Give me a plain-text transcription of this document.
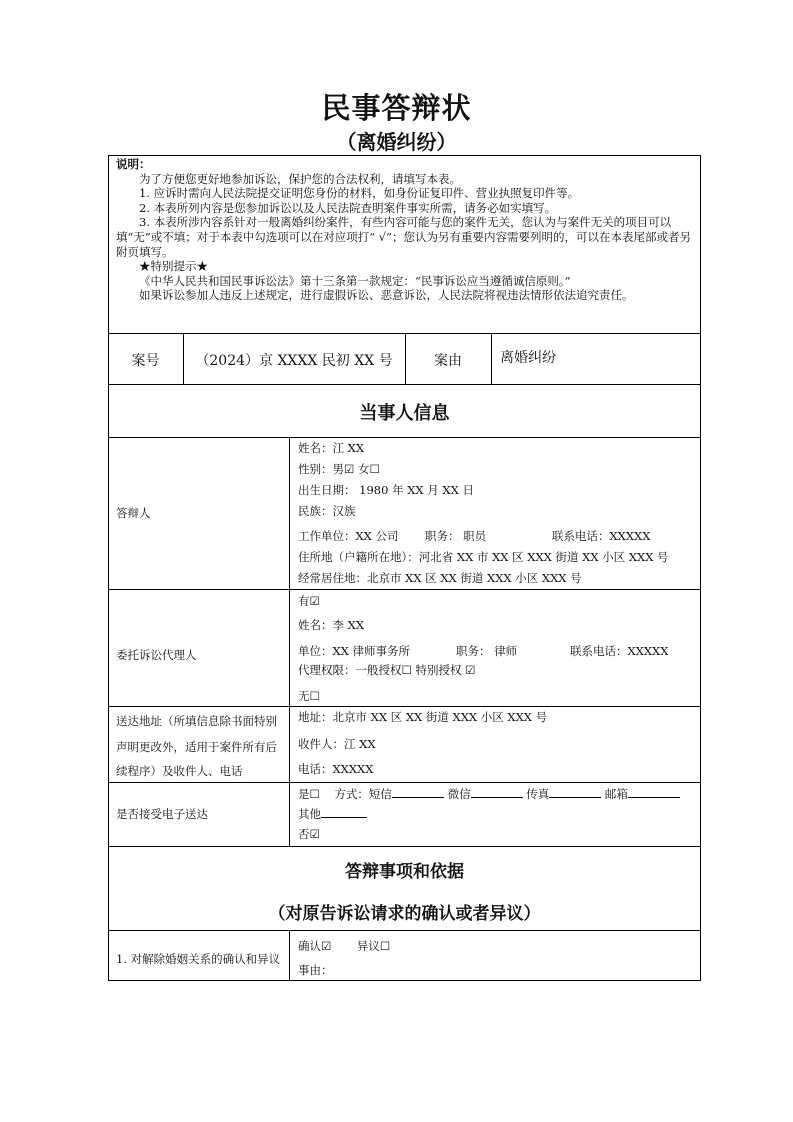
民事答辩状
（离婚纠纷）

说明：

为了方便您更好地参加诉讼，保护您的合法权利，请填写本表。

1. 应诉时需向人民法院提交证明您身份的材料，如身份证复印件、营业执照复印件等。

2. 本表所列内容是您参加诉讼以及人民法院查明案件事实所需，请务必如实填写。

3. 本表所涉内容系针对一般离婚纠纷案件，有些内容可能与您的案件无关，您认为与案件无关的项目可以填“无”或不填；对于本表中勾选项可以在对应项打“ √”；您认为另有重要内容需要列明的，可以在本表尾部或者另附页填写。

★特别提示★

《中华人民共和国民事诉讼法》第十三条第一款规定：“民事诉讼应当遵循诚信原则。”

如果诉讼参加人违反上述规定，进行虚假诉讼、恶意诉讼，人民法院将视违法情形依法追究责任。

案号	（2024）京 XXXX 民初 XX 号	案由	离婚纠纷
当事人信息
答辩人
姓名：江 XX
性别：男☑ 女☐
出生日期： 1980 年 XX 月 XX 日
民族：汉族
工作单位：XX 公司 职务： 职员	联系电话：XXXXX
住所地（户籍所在地）：河北省 XX 市 XX 区 XXX 街道 XX 小区 XXX 号
经常居住地：北京市 XX 区 XX 街道 XXX 小区 XXX 号
委托诉讼代理人
有☑
姓名：李 XX
单位：XX 律师事务所	职务： 律师	联系电话：XXXXX
代理权限：一般授权☐ 特别授权 ☑
无☐
送达地址（所填信息除书面特别
声明更改外，适用于案件所有后
续程序）及收件人、电话
地址：北京市 XX 区 XX 街道 XXX 小区 XXX 号
收件人：江 XX
电话：XXXXX
是否接受电子送达
是☐ 方式：短信	微信	传真	邮箱
其他
否☑
答辩事项和依据
（对原告诉讼请求的确认或者异议）
1. 对解除婚姻关系的确认和异议
确认☑ 异议☐
事由：
